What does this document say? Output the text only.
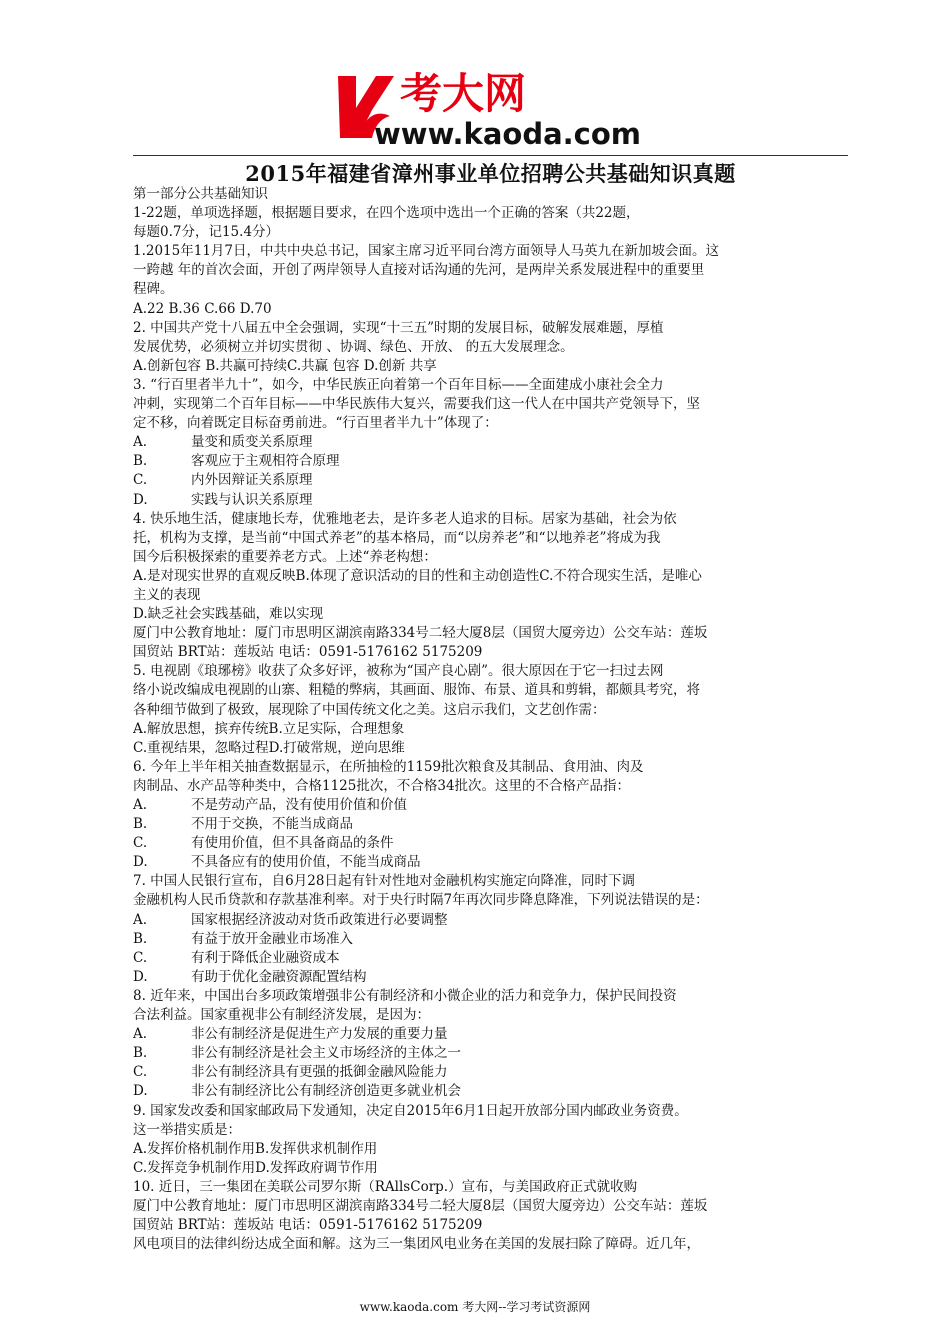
考大网
www.kaoda.com
2015年福建省漳州事业单位招聘公共基础知识真题
第一部分公共基础知识
1-22题，单项选择题，根据题目要求，在四个选项中选出一个正确的答案（共22题，
每题0.7分，记15.4分）
1.2015年11月7日，中共中央总书记，国家主席习近平同台湾方面领导人马英九在新加坡会面。这
一跨越 年的首次会面，开创了两岸领导人直接对话沟通的先河，是两岸关系发展进程中的重要里
程碑。
A.22 B.36 C.66 D.70
2. 中国共产党十八届五中全会强调，实现“十三五”时期的发展目标，破解发展难题，厚植
发展优势，必须树立并切实贯彻 、协调、绿色、开放、 的五大发展理念。
A.创新包容 B.共赢可持续C.共赢 包容 D.创新 共享
3. “行百里者半九十”，如今，中华民族正向着第一个百年目标——全面建成小康社会全力
冲刺，实现第二个百年目标——中华民族伟大复兴，需要我们这一代人在中国共产党领导下，坚
定不移，向着既定目标奋勇前进。“行百里者半九十”体现了：
A.	量变和质变关系原理
B.	客观应于主观相符合原理
C.	内外因辩证关系原理
D.	实践与认识关系原理
4. 快乐地生活，健康地长寿，优雅地老去，是许多老人追求的目标。居家为基础，社会为依
托，机构为支撑，是当前“中国式养老”的基本格局，而“以房养老”和“以地养老”将成为我
国今后积极探索的重要养老方式。上述“养老构想：
A.是对现实世界的直观反映B.体现了意识活动的目的性和主动创造性C.不符合现实生活，是唯心
主义的表现
D.缺乏社会实践基础，难以实现
厦门中公教育地址：厦门市思明区湖滨南路334号二轻大厦8层（国贸大厦旁边）公交车站：莲坂
国贸站 BRT站：莲坂站 电话：0591-5176162 5175209
5. 电视剧《琅琊榜》收获了众多好评，被称为“国产良心剧”。很大原因在于它一扫过去网
络小说改编成电视剧的山寨、粗糙的弊病，其画面、服饰、布景、道具和剪辑，都颇具考究，将
各种细节做到了极致，展现除了中国传统文化之美。这启示我们，文艺创作需：
A.解放思想，摈弃传统B.立足实际，合理想象
C.重视结果，忽略过程D.打破常规，逆向思维
6. 今年上半年相关抽查数据显示，在所抽检的1159批次粮食及其制品、食用油、肉及
肉制品、水产品等种类中，合格1125批次，不合格34批次。这里的不合格产品指：
A.	不是劳动产品，没有使用价值和价值
B.	不用于交换，不能当成商品
C.	有使用价值，但不具备商品的条件
D.	不具备应有的使用价值，不能当成商品
7. 中国人民银行宣布，自6月28日起有针对性地对金融机构实施定向降准，同时下调
金融机构人民币贷款和存款基准利率。对于央行时隔7年再次同步降息降准，下列说法错误的是：
A.	国家根据经济波动对货币政策进行必要调整
B.	有益于放开金融业市场准入
C.	有利于降低企业融资成本
D.	有助于优化金融资源配置结构
8. 近年来，中国出台多项政策增强非公有制经济和小微企业的活力和竞争力，保护民间投资
合法利益。国家重视非公有制经济发展，是因为：
A.	非公有制经济是促进生产力发展的重要力量
B.	非公有制经济是社会主义市场经济的主体之一
C.	非公有制经济具有更强的抵御金融风险能力
D.	非公有制经济比公有制经济创造更多就业机会
9. 国家发改委和国家邮政局下发通知，决定自2015年6月1日起开放部分国内邮政业务资费。
这一举措实质是：
A.发挥价格机制作用B.发挥供求机制作用
C.发挥竞争机制作用D.发挥政府调节作用
10. 近日，三一集团在美联公司罗尔斯（RAllsCorp.）宣布，与美国政府正式就收购
厦门中公教育地址：厦门市思明区湖滨南路334号二轻大厦8层（国贸大厦旁边）公交车站：莲坂
国贸站 BRT站：莲坂站 电话：0591-5176162 5175209
风电项目的法律纠纷达成全面和解。这为三一集团风电业务在美国的发展扫除了障碍。近几年，
www.kaoda.com 考大网--学习考试资源网
